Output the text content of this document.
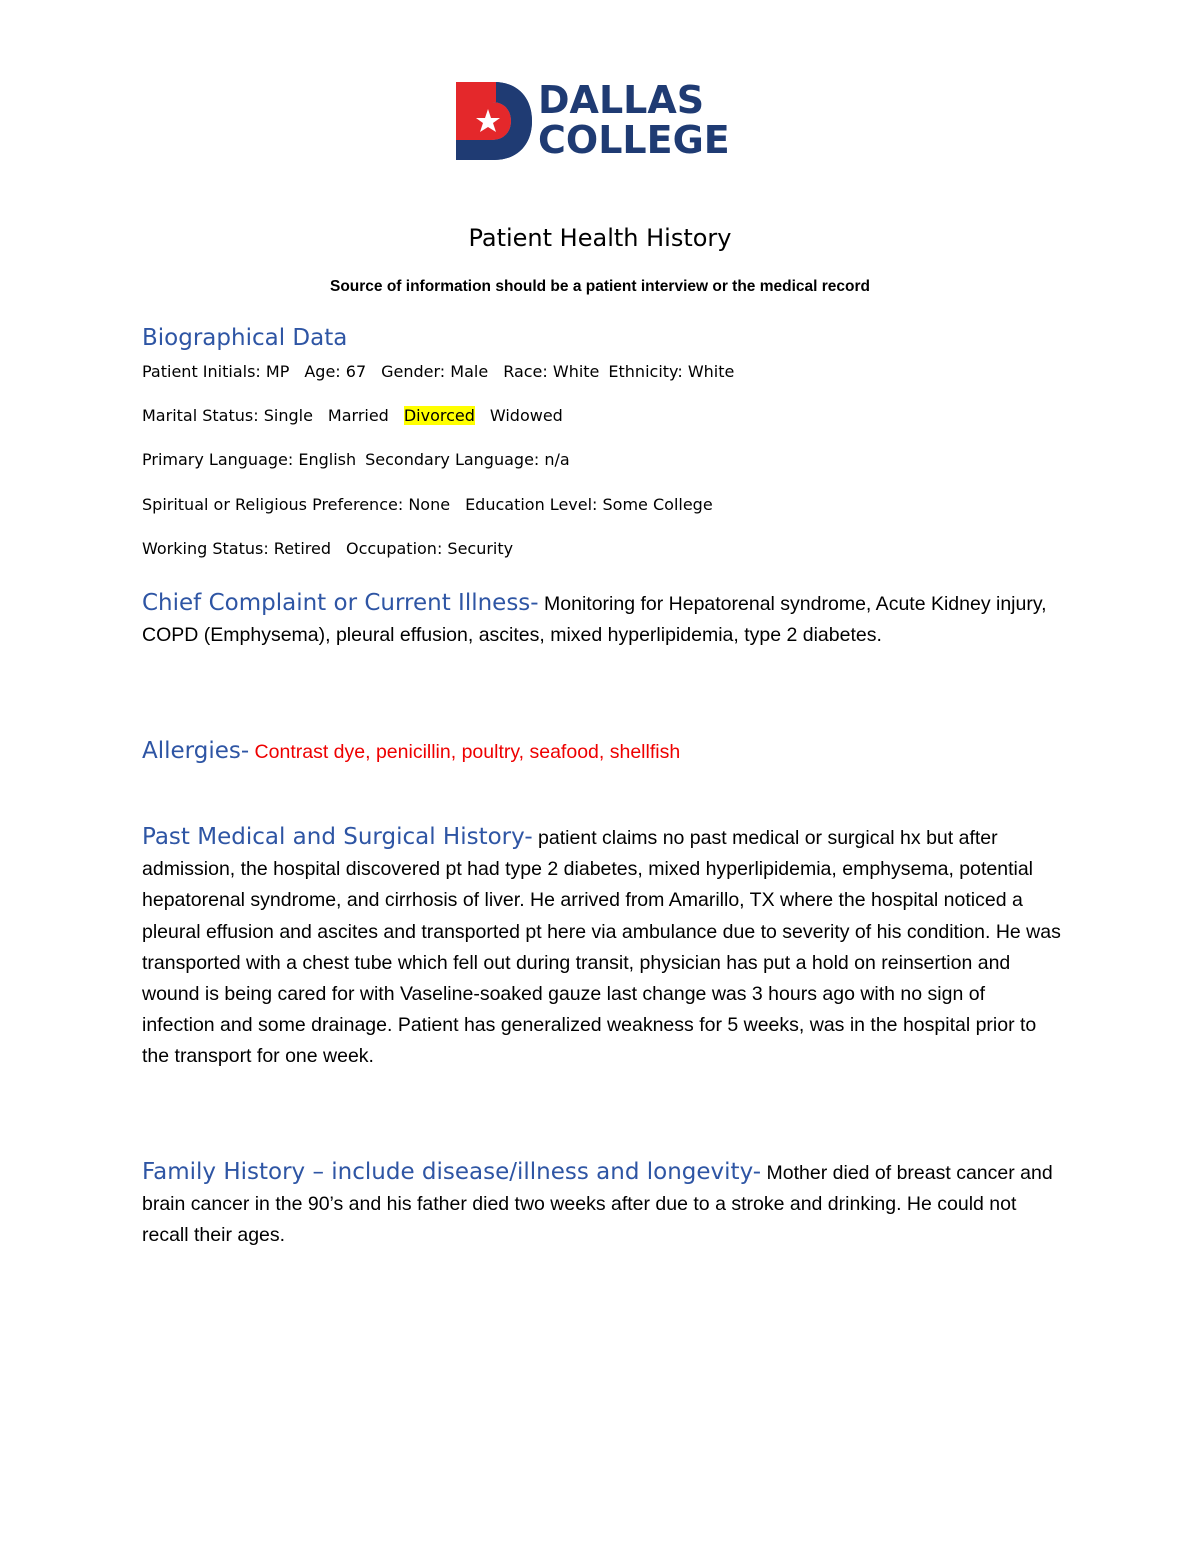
DALLAS
COLLEGE
Patient Health History
Source of information should be a patient interview or the medical record
Biographical Data
Patient Initials: MP Age: 67 Gender: Male Race: White Ethnicity: White
Marital Status: Single Married Divorced Widowed
Primary Language: English Secondary Language: n/a
Spiritual or Religious Preference: None Education Level: Some College
Working Status: Retired Occupation: Security
Chief Complaint or Current Illness- Monitoring for Hepatorenal syndrome, Acute Kidney injury, COPD (Emphysema), pleural effusion, ascites, mixed hyperlipidemia, type 2 diabetes.
Allergies- Contrast dye, penicillin, poultry, seafood, shellfish
Past Medical and Surgical History- patient claims no past medical or surgical hx but after admission, the hospital discovered pt had type 2 diabetes, mixed hyperlipidemia, emphysema, potential hepatorenal syndrome, and cirrhosis of liver. He arrived from Amarillo, TX where the hospital noticed a pleural effusion and ascites and transported pt here via ambulance due to severity of his condition. He was transported with a chest tube which fell out during transit, physician has put a hold on reinsertion and wound is being cared for with Vaseline-soaked gauze last change was 3 hours ago with no sign of infection and some drainage. Patient has generalized weakness for 5 weeks, was in the hospital prior to the transport for one week.
Family History – include disease/illness and longevity- Mother died of breast cancer and brain cancer in the 90’s and his father died two weeks after due to a stroke and drinking. He could not recall their ages.
